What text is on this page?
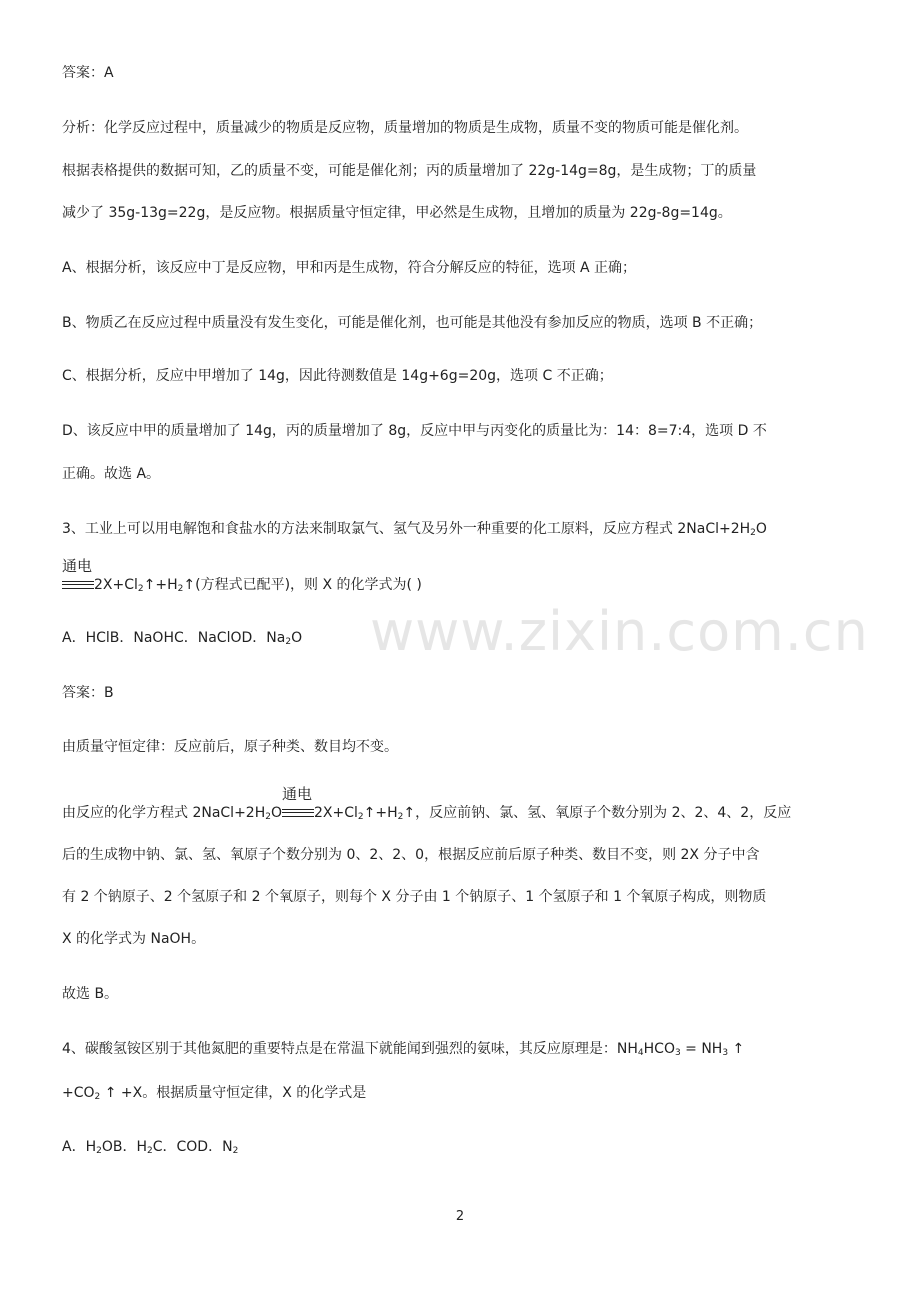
www.zixin.com.cn
答案：A
分析：化学反应过程中，质量减少的物质是反应物，质量增加的物质是生成物，质量不变的物质可能是催化剂。
根据表格提供的数据可知，乙的质量不变，可能是催化剂；丙的质量增加了 22g-14g=8g，是生成物；丁的质量
减少了 35g-13g=22g，是反应物。根据质量守恒定律，甲必然是生成物，且增加的质量为 22g-8g=14g。
A、根据分析，该反应中丁是反应物，甲和丙是生成物，符合分解反应的特征，选项 A 正确；
B、物质乙在反应过程中质量没有发生变化，可能是催化剂，也可能是其他没有参加反应的物质，选项 B 不正确；
C、根据分析，反应中甲增加了 14g，因此待测数值是 14g+6g=20g，选项 C 不正确；
D、该反应中甲的质量增加了 14g，丙的质量增加了 8g，反应中甲与丙变化的质量比为：14：8=7:4，选项 D 不
正确。故选 A。
3、工业上可以用电解饱和食盐水的方法来制取氯气、氢气及另外一种重要的化工原料，反应方程式 $2NaCl+2H_2O$
通电
$2X+Cl_2↑+H_2↑$(方程式已配平)，则 X 的化学式为( )
A．HClB．NaOHC．NaClOD．$Na_2O$
答案：B
由质量守恒定律：反应前后，原子种类、数目均不变。
由反应的化学方程式 $2NaCl+2H_2O$
通电
$2X+Cl_2↑+H_2↑$，反应前钠、氯、氢、氧原子个数分别为 2、2、4、2，反应
后的生成物中钠、氯、氢、氧原子个数分别为 0、2、2、0，根据反应前后原子种类、数目不变，则 2X 分子中含
有 2 个钠原子、2 个氢原子和 2 个氧原子，则每个 X 分子由 1 个钠原子、1 个氢原子和 1 个氧原子构成，则物质
X 的化学式为 NaOH。
故选 B。
4、碳酸氢铵区别于其他氮肥的重要特点是在常温下就能闻到强烈的氨味，其反应原理是：$NH_4HCO_3 = NH_3$ ↑
$+CO_2$ ↑ +X。根据质量守恒定律，X 的化学式是
A．$H_2OB$．$H_2C$．COD．$N_2$
2
